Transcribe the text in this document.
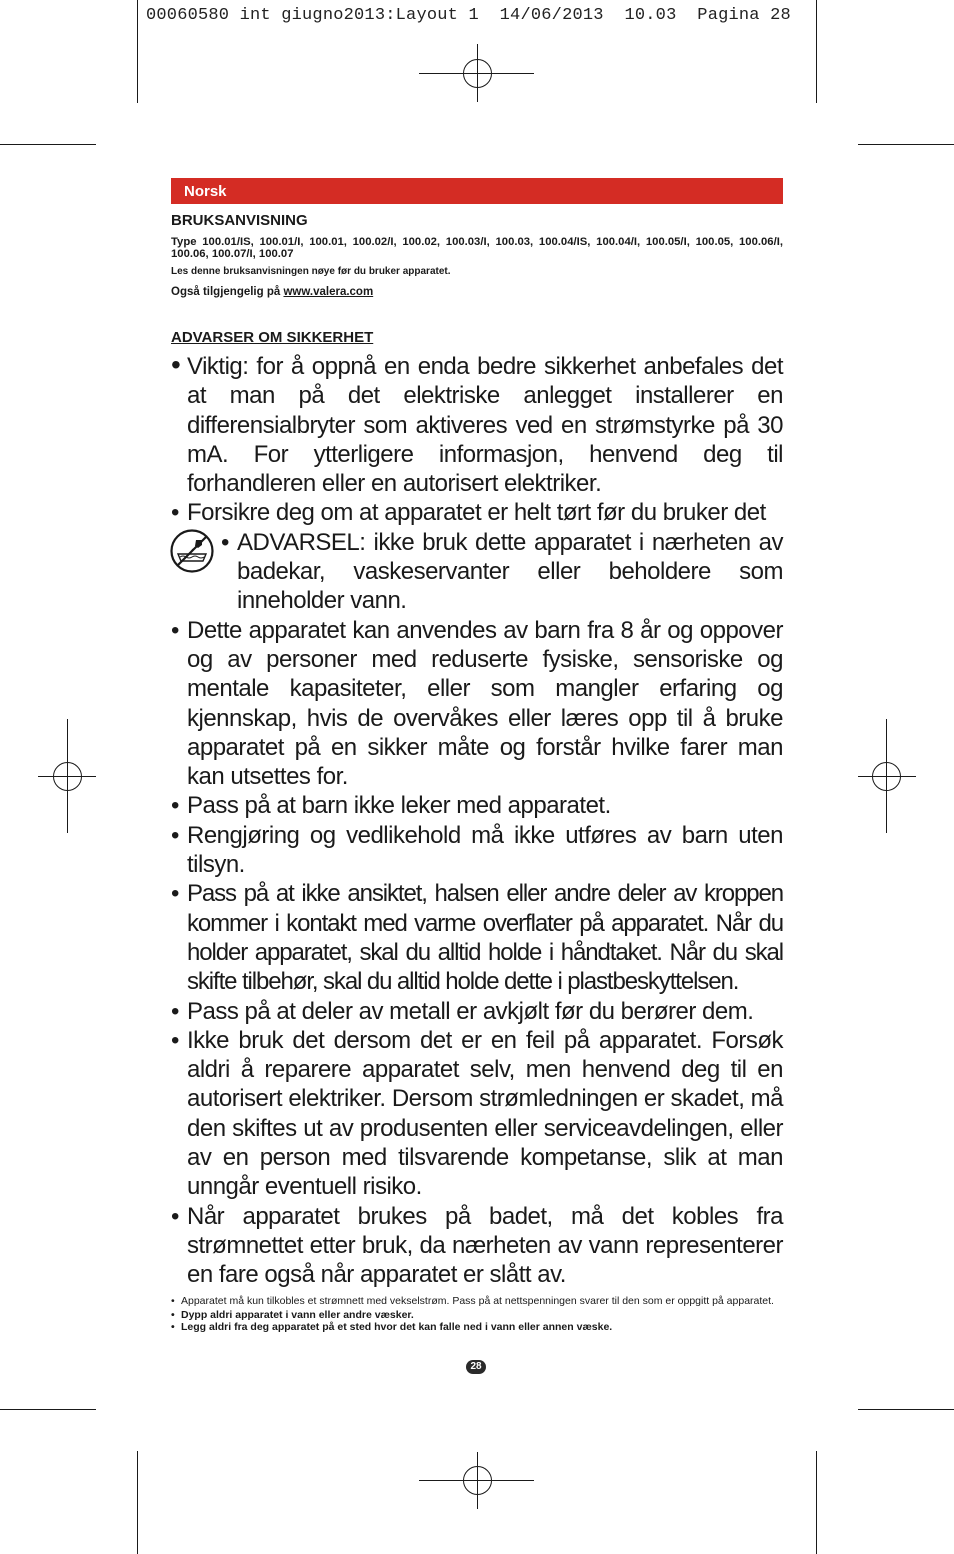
00060580 int giugno2013:Layout 1  14/06/2013  10.03  Pagina 28
Norsk
BRUKSANVISNING
Type 100.01/IS, 100.01/I, 100.01, 100.02/I, 100.02, 100.03/I, 100.03, 100.04/IS, 100.04/I, 100.05/I, 100.05, 100.06/I, 100.06, 100.07/I, 100.07
Les denne bruksanvisningen nøye før du bruker apparatet.
Også tilgjengelig på www.valera.com
ADVARSER OM SIKKERHET
• Viktig: for å oppnå en enda bedre sikkerhet anbefales det at man på det elektriske anlegget installerer en differensialbryter som aktiveres ved en strømstyrke på 30 mA. For ytterligere informasjon, henvend deg til forhandleren eller en autorisert elektriker.
• Forsikre deg om at apparatet er helt tørt før du bruker det
• ADVARSEL: ikke bruk dette apparatet i nærheten av badekar, vaskeservanter eller beholdere som inneholder vann.
• Dette apparatet kan anvendes av barn fra 8 år og oppover og av personer med reduserte fysiske, sensoriske og mentale kapasiteter, eller som mangler erfaring og kjennskap, hvis de overvåkes eller læres opp til å bruke apparatet på en sikker måte og forstår hvilke farer man kan utsettes for.
• Pass på at barn ikke leker med apparatet.
• Rengjøring og vedlikehold må ikke utføres av barn uten tilsyn.
• Pass på at ikke ansiktet, halsen eller andre deler av kroppen kommer i kontakt med varme overflater på apparatet. Når du holder apparatet, skal du alltid holde i håndtaket. Når du skal skifte tilbehør, skal du alltid holde dette i plastbeskyttelsen.
• Pass på at deler av metall er avkjølt før du berører dem.
• Ikke bruk det dersom det er en feil på apparatet. Forsøk aldri å reparere apparatet selv, men henvend deg til en autorisert elektriker. Dersom strømledningen er skadet, må den skiftes ut av produsenten eller serviceavdelingen, eller av en person med tilsvarende kompetanse, slik at man unngår eventuell risiko.
• Når apparatet brukes på badet, må det kobles fra strømnettet etter bruk, da nærheten av vann representerer en fare også når apparatet er slått av.
• Apparatet må kun tilkobles et strømnett med vekselstrøm. Pass på at nettspenningen svarer til den som er oppgitt på apparatet.
• Dypp aldri apparatet i vann eller andre væsker.
• Legg aldri fra deg apparatet på et sted hvor det kan falle ned i vann eller annen væske.
28
